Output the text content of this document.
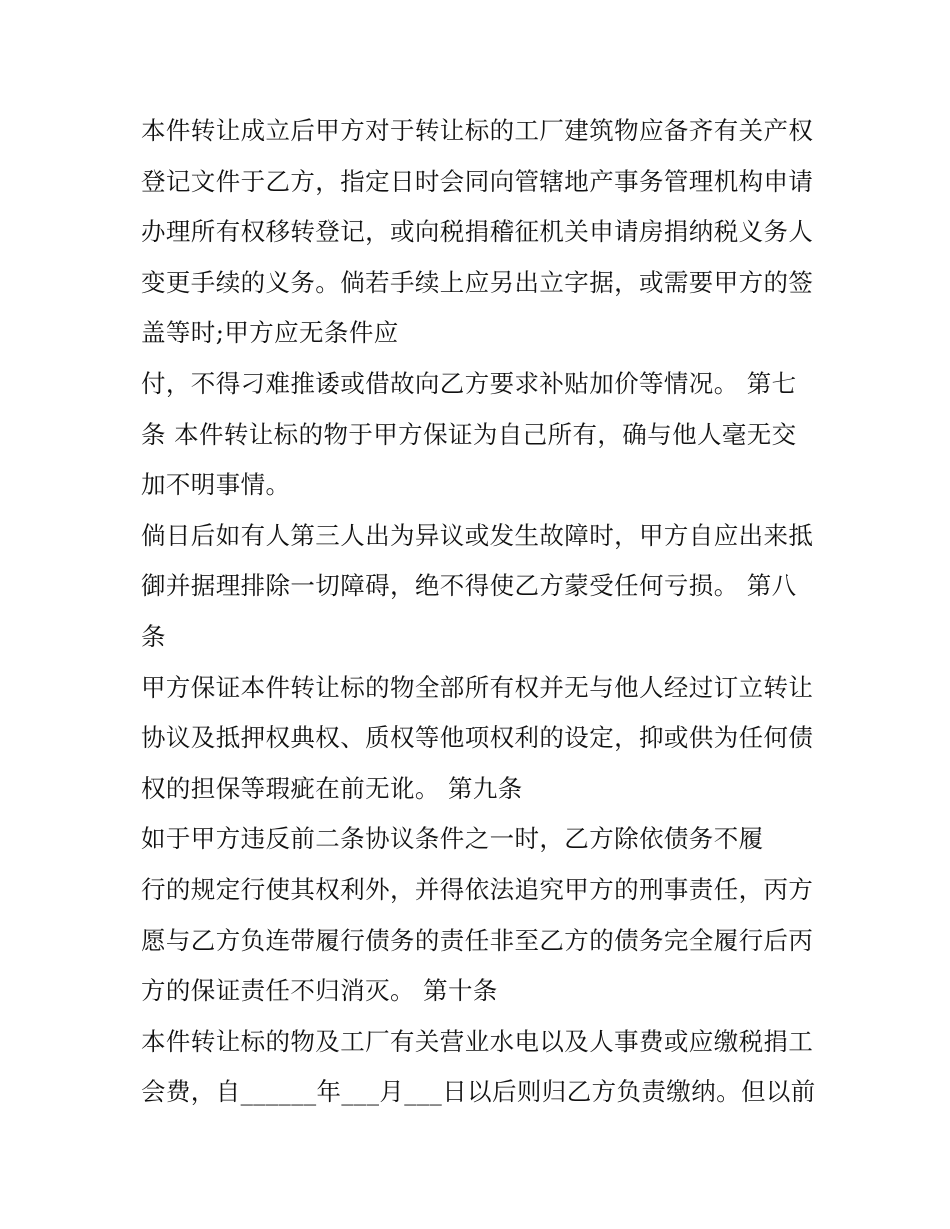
本件转让成立后甲方对于转让标的工厂建筑物应备齐有关产权
登记文件于乙方，指定日时会同向管辖地产事务管理机构申请
办理所有权移转登记，或向税捐稽征机关申请房捐纳税义务人
变更手续的义务。倘若手续上应另出立字据，或需要甲方的签
盖等时;甲方应无条件应
付，不得刁难推诿或借故向乙方要求补贴加价等情况。 第七
条 本件转让标的物于甲方保证为自己所有，确与他人毫无交
加不明事情。
倘日后如有人第三人出为异议或发生故障时，甲方自应出来抵
御并据理排除一切障碍，绝不得使乙方蒙受任何亏损。 第八
条
甲方保证本件转让标的物全部所有权并无与他人经过订立转让
协议及抵押权典权、质权等他项权利的设定，抑或供为任何债
权的担保等瑕疵在前无讹。 第九条
如于甲方违反前二条协议条件之一时，乙方除依债务不履
行的规定行使其权利外，并得依法追究甲方的刑事责任，丙方
愿与乙方负连带履行债务的责任非至乙方的债务完全履行后丙
方的保证责任不归消灭。 第十条
本件转让标的物及工厂有关营业水电以及人事费或应缴税捐工
会费，自______年___月___日以后则归乙方负责缴纳。但以前
